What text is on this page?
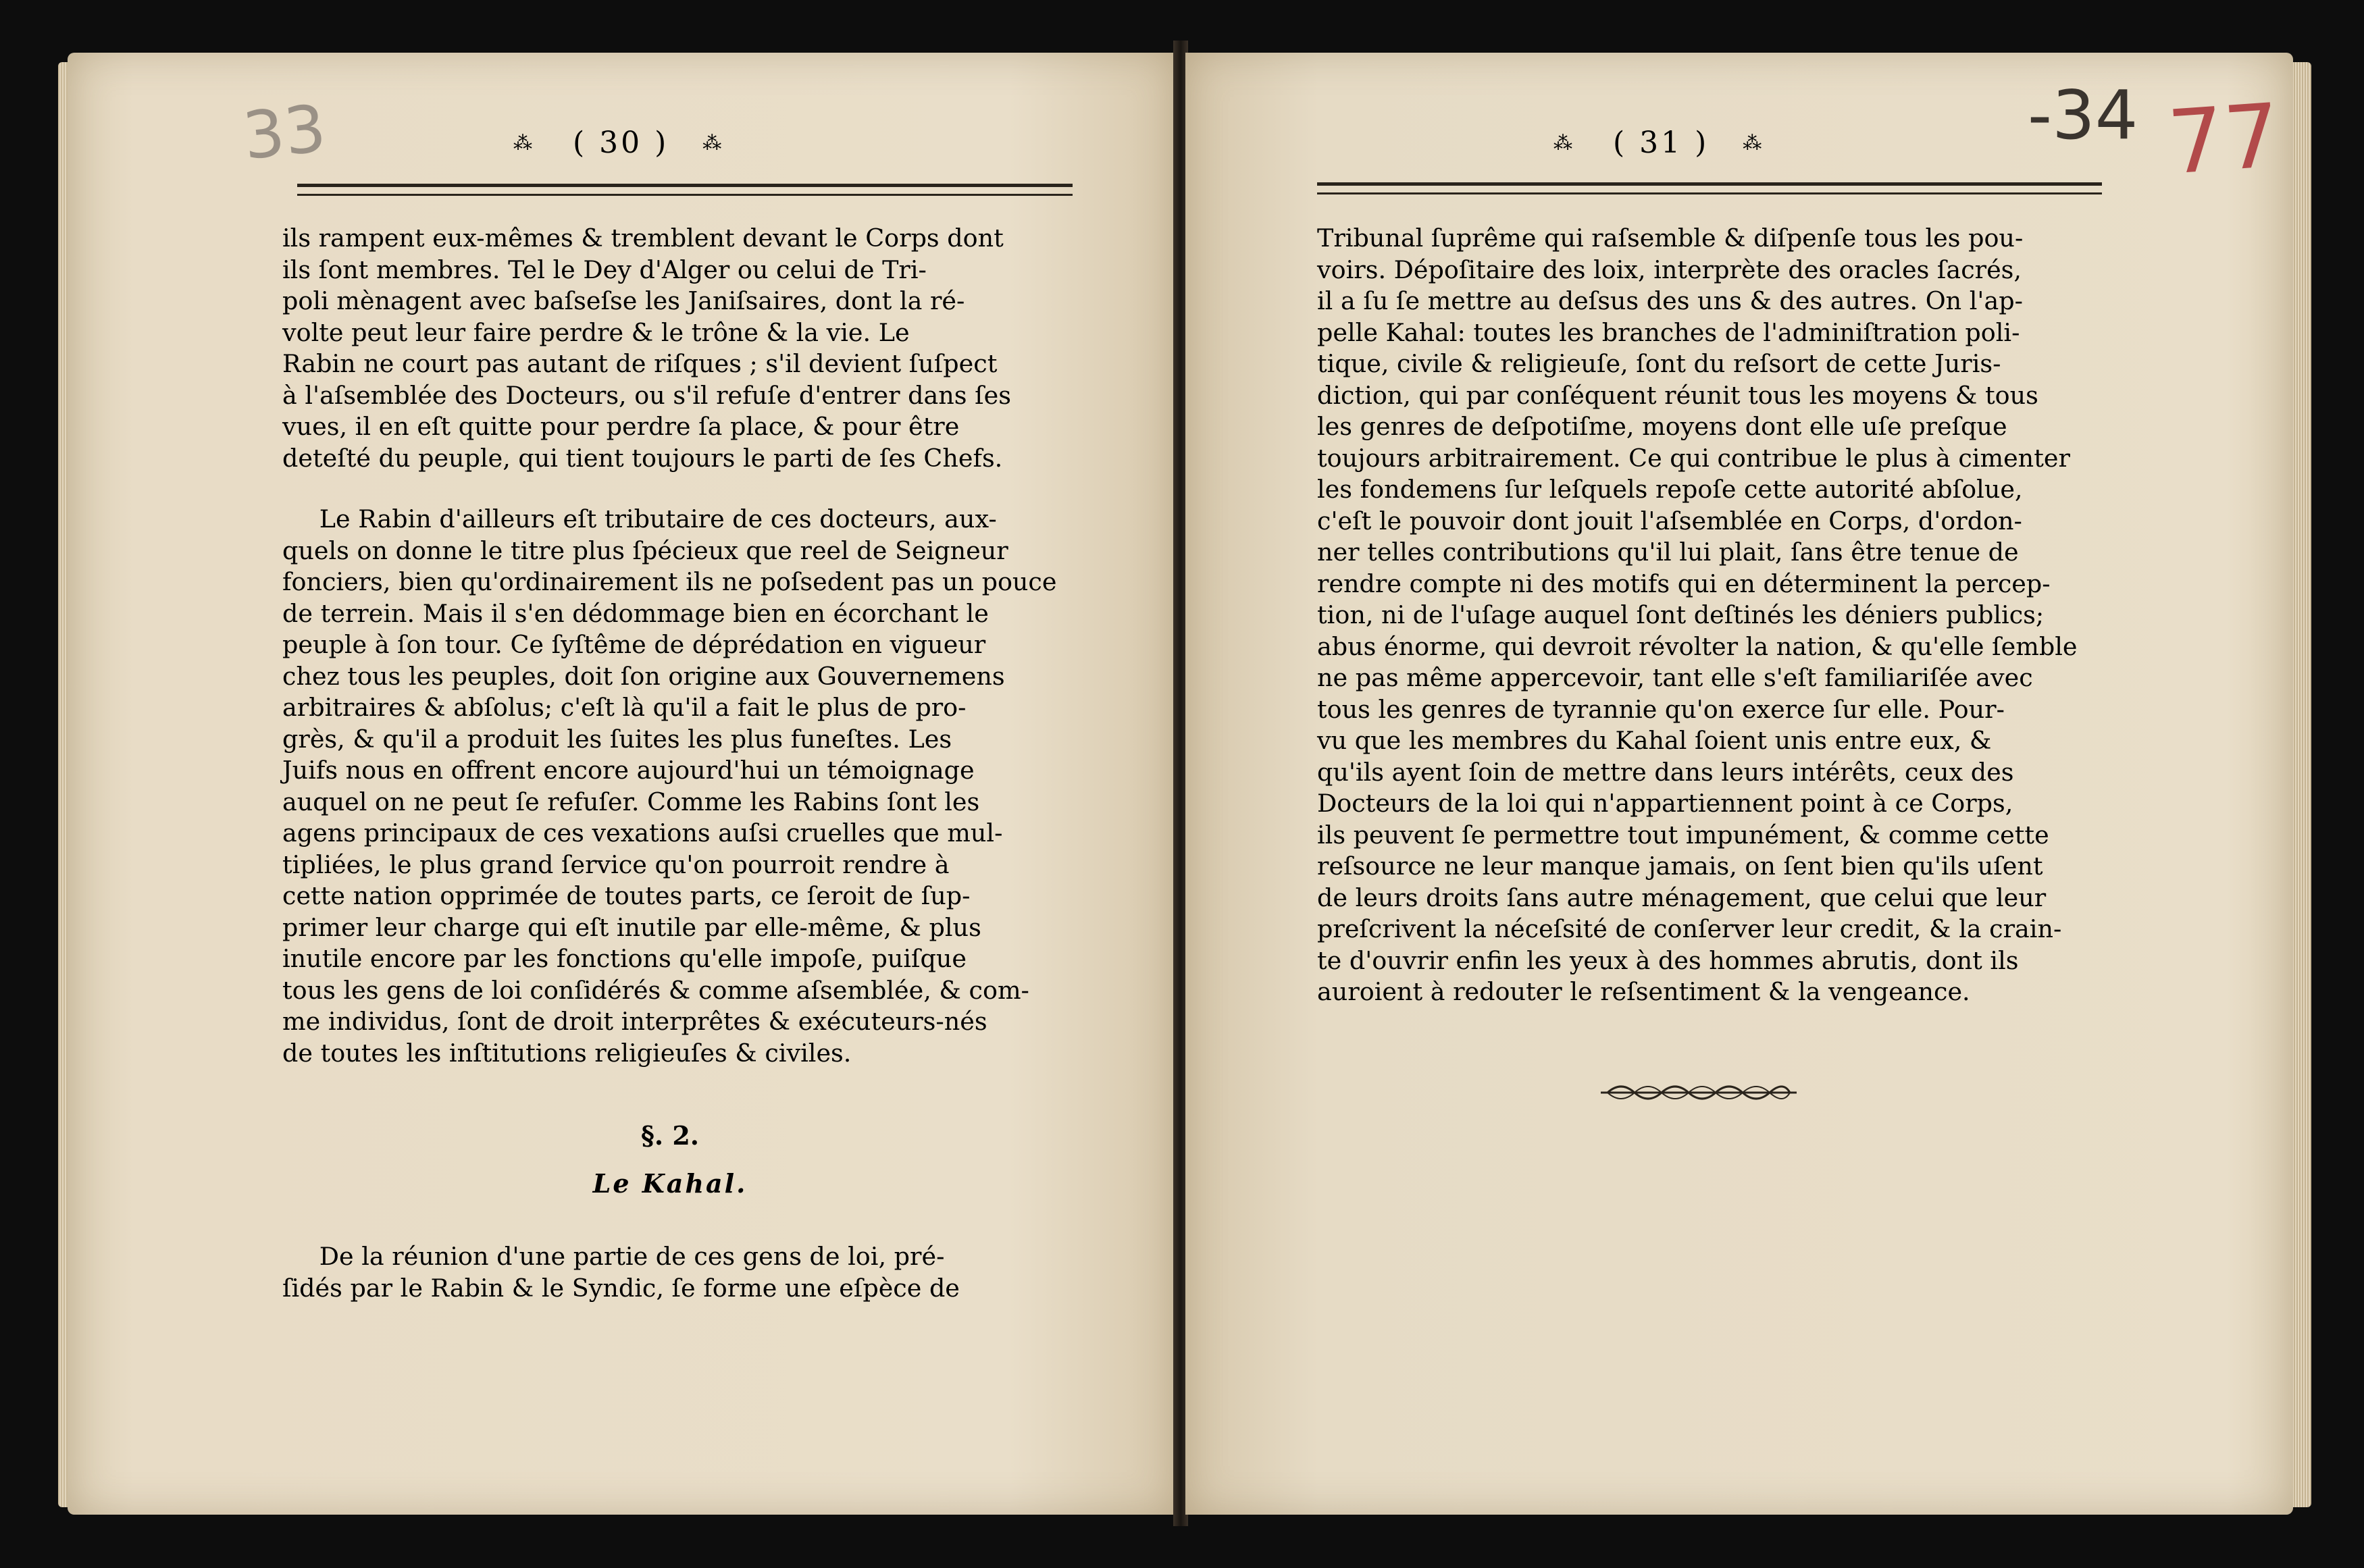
33	⁂ ( 30 ) ⁂

ils rampent eux-mêmes & tremblent devant le Corps dont

ils ſont membres. Tel le Dey d'Alger ou celui de Tri-

poli mènagent avec baſseſse les Janiſsaires, dont la ré-

volte peut leur faire perdre & le trône & la vie. Le

Rabin ne court pas autant de riſques ; s'il devient ſuſpect

à l'aſsemblée des Docteurs, ou s'il refuſe d'entrer dans ſes

vues, il en eſt quitte pour perdre ſa place, & pour être

deteſté du peuple, qui tient toujours le parti de ſes Chefs.

Le Rabin d'ailleurs eſt tributaire de ces docteurs, aux-

quels on donne le titre plus ſpécieux que reel de Seigneur

fonciers, bien qu'ordinairement ils ne poſsedent pas un pouce

de terrein. Mais il s'en dédommage bien en écorchant le

peuple à ſon tour. Ce ſyſtême de déprédation en vigueur

chez tous les peuples, doit ſon origine aux Gouvernemens

arbitraires & abſolus; c'eſt là qu'il a fait le plus de pro-

grès, & qu'il a produit les ſuites les plus funeſtes. Les

Juifs nous en offrent encore aujourd'hui un témoignage

auquel on ne peut ſe refuſer. Comme les Rabins ſont les

agens principaux de ces vexations auſsi cruelles que mul-

tipliées, le plus grand ſervice qu'on pourroit rendre à

cette nation opprimée de toutes parts, ce ſeroit de ſup-

primer leur charge qui eſt inutile par elle-même, & plus

inutile encore par les fonctions qu'elle impoſe, puiſque

tous les gens de loi conſidérés & comme aſsemblée, & com-

me individus, ſont de droit interprêtes & exécuteurs-nés

de toutes les inſtitutions religieuſes & civiles.

§. 2.
Le Kahal.

De la réunion d'une partie de ces gens de loi, pré-

ſidés par le Rabin & le Syndic, ſe forme une eſpèce de

-34 77
⁂ ( 31 ) ⁂

Tribunal ſuprême qui raſsemble & diſpenſe tous les pou-

voirs. Dépoſitaire des loix, interprète des oracles ſacrés,

il a ſu ſe mettre au deſsus des uns & des autres. On l'ap-

pelle Kahal: toutes les branches de l'adminiſtration poli-

tique, civile & religieuſe, ſont du reſsort de cette Juris-

diction, qui par conſéquent réunit tous les moyens & tous

les genres de deſpotiſme, moyens dont elle uſe preſque

toujours arbitrairement. Ce qui contribue le plus à cimenter

les fondemens ſur leſquels repoſe cette autorité abſolue,

c'eſt le pouvoir dont jouit l'aſsemblée en Corps, d'ordon-

ner telles contributions qu'il lui plait, ſans être tenue de

rendre compte ni des motifs qui en déterminent la percep-

tion, ni de l'uſage auquel ſont deſtinés les déniers publics;

abus énorme, qui devroit révolter la nation, & qu'elle ſemble

ne pas même appercevoir, tant elle s'eſt familiariſée avec

tous les genres de tyrannie qu'on exerce ſur elle. Pour-

vu que les membres du Kahal ſoient unis entre eux, &

qu'ils ayent ſoin de mettre dans leurs intérêts, ceux des

Docteurs de la loi qui n'appartiennent point à ce Corps,

ils peuvent ſe permettre tout impunément, & comme cette

reſsource ne leur manque jamais, on ſent bien qu'ils uſent

de leurs droits ſans autre ménagement, que celui que leur

preſcrivent la néceſsité de conſerver leur credit, & la crain-

te d'ouvrir enfin les yeux à des hommes abrutis, dont ils

auroient à redouter le reſsentiment & la vengeance.
